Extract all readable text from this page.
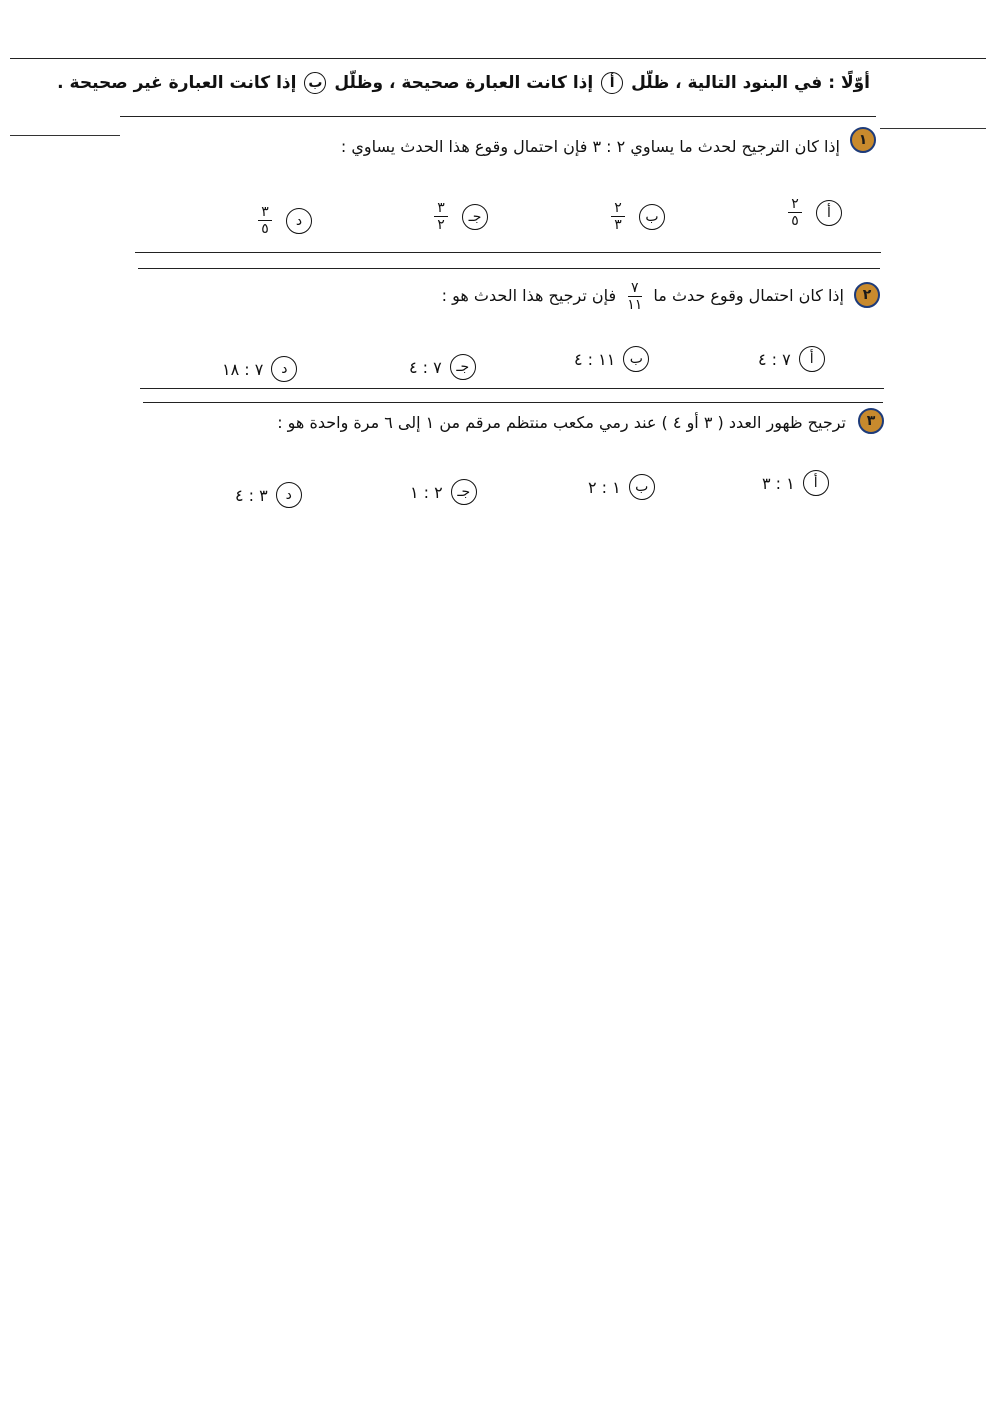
أوّلًا : في البنود التالية ، ظلّل أ إذا كانت العبارة صحيحة ، وظلّل ب إذا كانت العبارة غير صحيحة .
١
إذا كان الترجيح لحدث ما يساوي ٢ : ٣ فإن احتمال وقوع هذا الحدث يساوي :
أ
$\frac{٢}{٥}$
ب
$\frac{٢}{٣}$
جـ
$\frac{٣}{٢}$
د
$\frac{٣}{٥}$
٢
إذا كان احتمال وقوع حدث ما
$\frac{٧}{١١}$
فإن ترجيح هذا الحدث هو :
أ
٧ : ٤
ب
١١ : ٤
جـ
٧ : ٤
د
٧ : ١٨
٣
ترجيح ظهور العدد ( ٣ أو ٤ ) عند رمي مكعب منتظم مرقم من ١ إلى ٦ مرة واحدة هو :
أ
١ : ٣
ب
١ : ٢
جـ
٢ : ١
د
٣ : ٤
